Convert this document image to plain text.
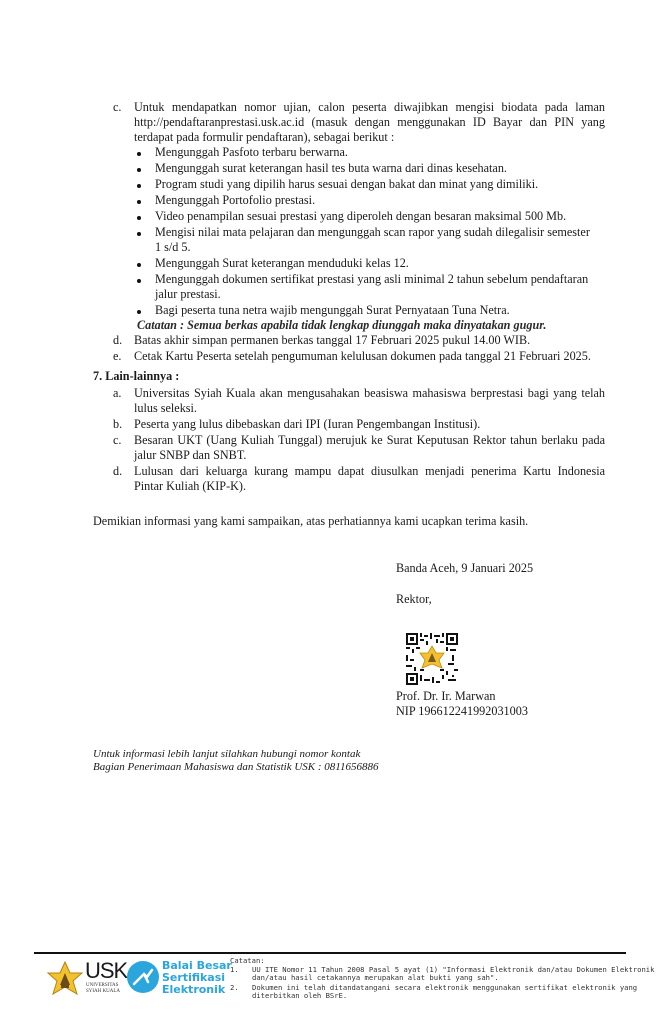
c. Untuk mendapatkan nomor ujian, calon peserta diwajibkan mengisi biodata pada laman
http://pendaftaranprestasi.usk.ac.id (masuk dengan menggunakan ID Bayar dan PIN yang
terdapat pada formulir pendaftaran), sebagai berikut :
Mengunggah Pasfoto terbaru berwarna.
Mengunggah surat keterangan hasil tes buta warna dari dinas kesehatan.
Program studi yang dipilih harus sesuai dengan bakat dan minat yang dimiliki.
Mengunggah Portofolio prestasi.
Video penampilan sesuai prestasi yang diperoleh dengan besaran maksimal 500 Mb.
Mengisi nilai mata pelajaran dan mengunggah scan rapor yang sudah dilegalisir semester
1 s/d 5.
Mengunggah Surat keterangan menduduki kelas 12.
Mengunggah dokumen sertifikat prestasi yang asli minimal 2 tahun sebelum pendaftaran
jalur prestasi.
Bagi peserta tuna netra wajib mengunggah Surat Pernyataan Tuna Netra.
Catatan : Semua berkas apabila tidak lengkap diunggah maka dinyatakan gugur.
d. Batas akhir simpan permanen berkas tanggal 17 Februari 2025 pukul 14.00 WIB.
e. Cetak Kartu Peserta setelah pengumuman kelulusan dokumen pada tanggal 21 Februari 2025.
7. Lain-lainnya :
a. Universitas Syiah Kuala akan mengusahakan beasiswa mahasiswa berprestasi bagi yang telah
lulus seleksi.
b. Peserta yang lulus dibebaskan dari IPI (Iuran Pengembangan Institusi).
c. Besaran UKT (Uang Kuliah Tunggal) merujuk ke Surat Keputusan Rektor tahun berlaku pada
jalur SNBP dan SNBT.
d. Lulusan dari keluarga kurang mampu dapat diusulkan menjadi penerima Kartu Indonesia
Pintar Kuliah (KIP-K).
Demikian informasi yang kami sampaikan, atas perhatiannya kami ucapkan terima kasih.
Banda Aceh, 9 Januari 2025
Rektor,
Prof. Dr. Ir. Marwan
NIP 196612241992031003
Untuk informasi lebih lanjut silahkan hubungi nomor kontak
Bagian Penerimaan Mahasiswa dan Statistik USK : 0811656886
USK
UNIVERSITAS
SYIAH KUALA
Balai Besar
Sertifikasi
Elektronik
Catatan:
1. UU ITE Nomor 11 Tahun 2008 Pasal 5 ayat (1) "Informasi Elektronik dan/atau Dokumen Elektronik
dan/atau hasil cetakannya merupakan alat bukti yang sah".
2. Dokumen ini telah ditandatangani secara elektronik menggunakan sertifikat elektronik yang
diterbitkan oleh BSrE.
